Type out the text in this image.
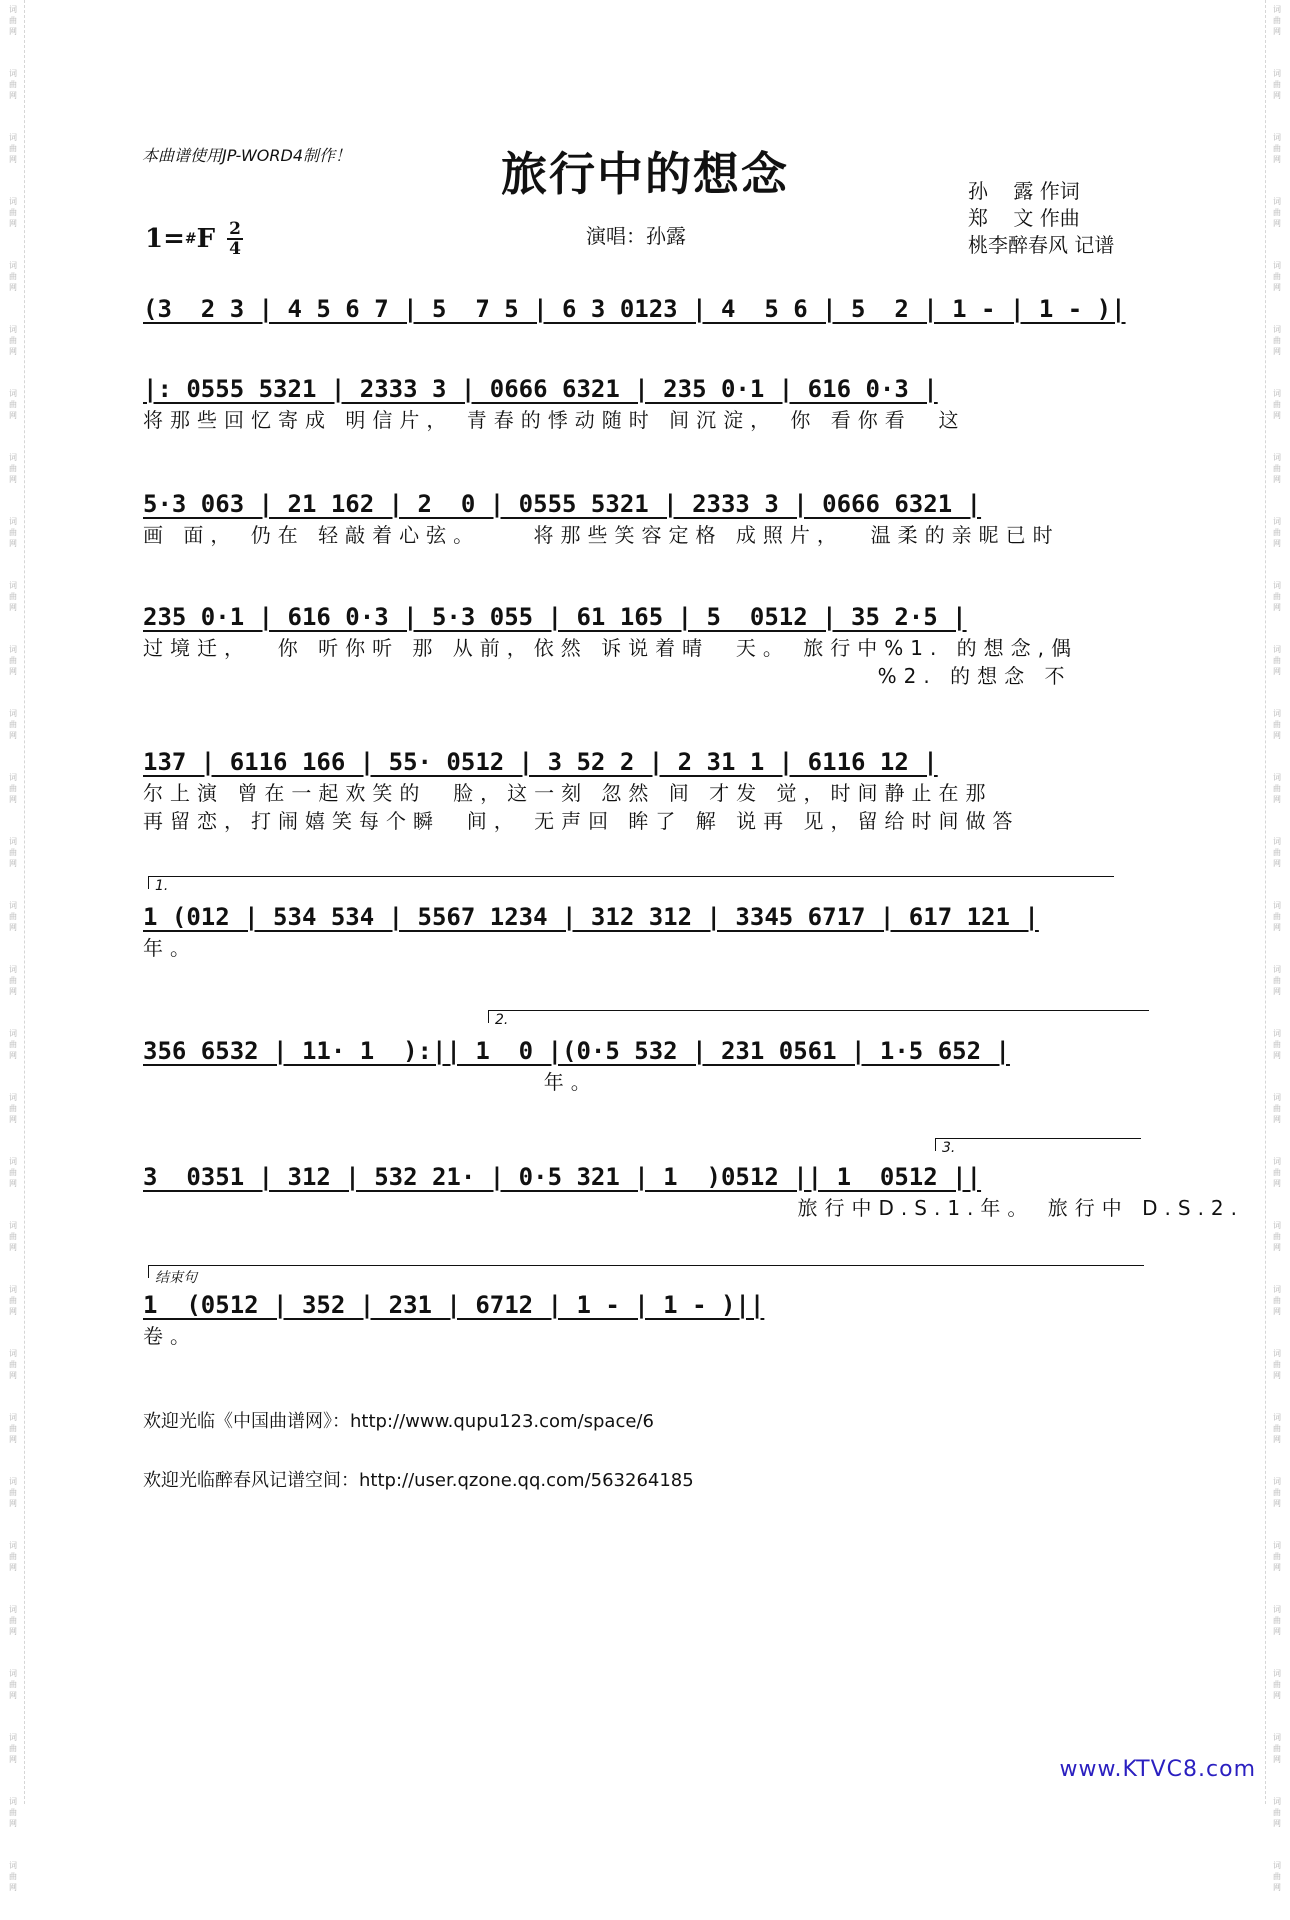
词
曲
网
词
曲
网
词
曲
网
词
曲
网
词
曲
网
词
曲
网
词
曲
网
词
曲
网
词
曲
网
词
曲
网
词
曲
网
词
曲
网
词
曲
网
词
曲
网
词
曲
网
词
曲
网
词
曲
网
词
曲
网
词
曲
网
词
曲
网
词
曲
网
词
曲
网
词
曲
网
词
曲
网
词
曲
网
词
曲
网
词
曲
网
词
曲
网
词
曲
网
词
曲
网
词
曲
网
词
曲
网
词
曲
网
词
曲
网
词
曲
网
词
曲
网
词
曲
网
词
曲
网
词
曲
网
词
曲
网
词
曲
网
词
曲
网
词
曲
网
词
曲
网
词
曲
网
词
曲
网
词
曲
网
词
曲
网
词
曲
网
词
曲
网
词
曲
网
词
曲
网
词
曲
网
词
曲
网
词
曲
网
词
曲
网
词
曲
网
词
曲
网
词
曲
网
词
曲
网
本曲谱使用JP-WORD4制作！	旅行中的想念
1= # F $\frac{2}{4}$	演唱：孙露
孙    露 作词
郑    文 作曲
桃李醉春风 记谱
(3  2 3 | 4 5 6 7 | 5  7 5 | 6 3 0123 | 4  5 6 | 5  2 | 1 - | 1 - )|
|: 0555 5321 | 2333 3 | 0666 6321 | 235 0·1 | 616 0·3 |
将那些回忆寄成 明信片， 青春的悸动随时 间沉淀， 你 看你看  这
5·3 063 | 21 162 | 2  0 | 0555 5321 | 2333 3 | 0666 6321 |
画 面， 仍在 轻敲着心弦。    将那些笑容定格 成照片，  温柔的亲昵已时
235 0·1 | 616 0·3 | 5·3 055 | 61 165 | 5  0512 | 35 2·5 |
过境迁，  你 听你听 那 从前，依然 诉说着晴  天。 旅行中%1. 的想念,偶
%2. 的想念 不
137 | 6116 166 | 55· 0512 | 3 52 2 | 2 31 1 | 6116 12 |
尔上演 曾在一起欢笑的  脸，这一刻 忽然 间 才发 觉，时间静止在那
再留恋，打闹嬉笑每个瞬  间， 无声回 眸了 解 说再 见，留给时间做答
1.
1 (012 | 534 534 | 5567 1234 | 312 312 | 3345 6717 | 617 121 |
年。
2.
356 6532 | 11· 1  ):|| 1  0 |(0·5 532 | 231 0561 | 1·5 652 |
年。
3.
3  0351 | 312 | 532 21· | 0·5 321 | 1  )0512 || 1  0512 ||
旅行中D.S.1.年。 旅行中 D.S.2.
结束句
1  (0512 | 352 | 231 | 6712 | 1 - | 1 - )||
卷。
欢迎光临《中国曲谱网》：http://www.qupu123.com/space/6
欢迎光临醉春风记谱空间：http://user.qzone.qq.com/563264185
www.KTVC8.com
